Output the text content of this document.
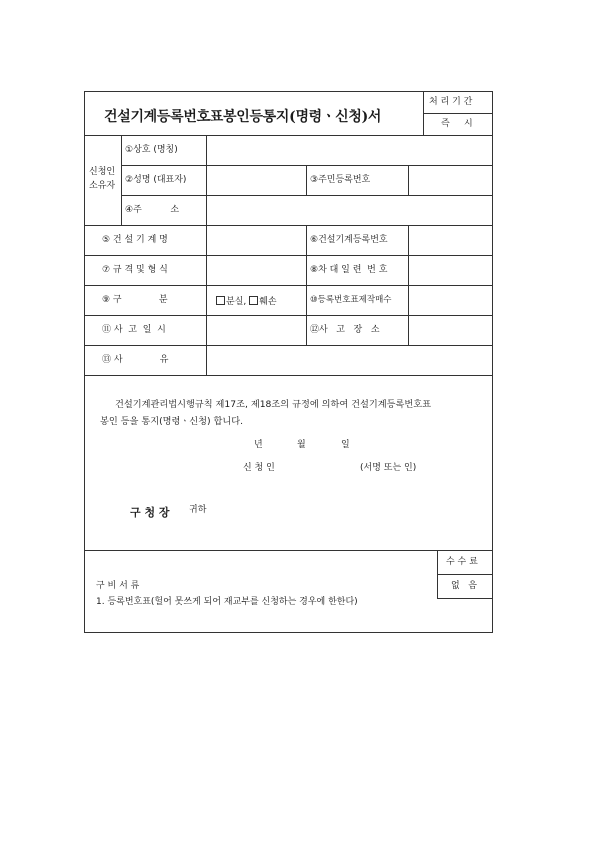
건설기계등록번호표봉인등통지(명령ㆍ신청)서
처 리 기 간
즉     시
신청인
소유자
①상호 (명칭)
②성명 (대표자)	③주민등록번호
④주          소
⑤ 건 설 기 계 명	⑥건설기계등록번호
⑦ 규 격 및 형 식	⑧차 대 일 련  번 호
⑨ 구             분	분실, 훼손	⑩등록번호표제작매수
⑪ 사  고  일  시	⑫사   고   장   소
⑬ 사             유
건설기계관리법시행규칙 제17조, 제18조의 규정에 의하여 건설기계등록번호표
봉인 등을 통지(명령ㆍ신청) 합니다.
년	월	일
신 청 인	(서명 또는 인)
구 청 장 귀하
수 수 료
없   음
구 비 서 류
1. 등록번호표(헐어 못쓰게 되어 재교부를 신청하는 경우에 한한다)
